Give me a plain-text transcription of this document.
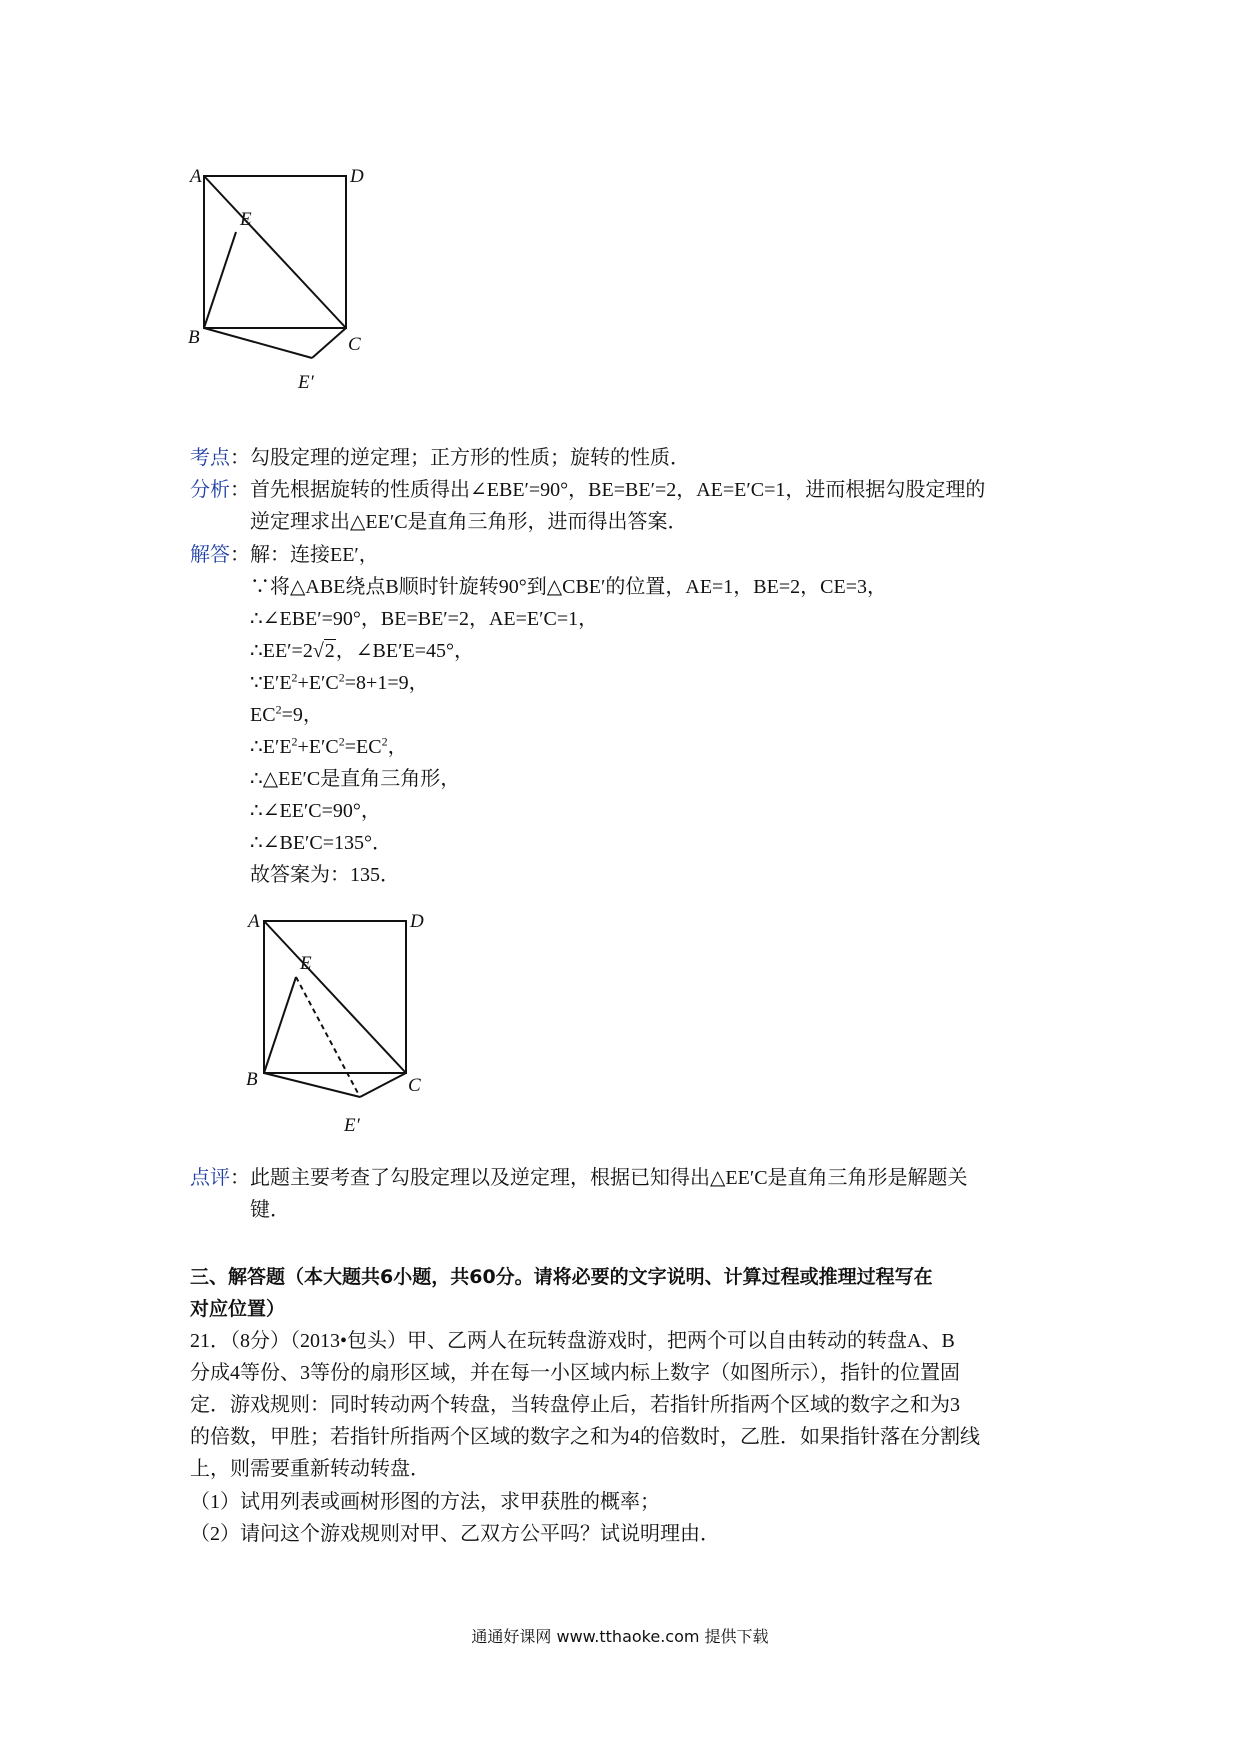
A	D
E
B	C
E′
考点：勾股定理的逆定理；正方形的性质；旋转的性质．
分析：首先根据旋转的性质得出∠EBE′=90°，BE=BE′=2，AE=E′C=1，进而根据勾股定理的
逆定理求出△EE′C是直角三角形，进而得出答案．
解答：解：连接EE′，
∵将△ABE绕点B顺时针旋转90°到△CBE′的位置，AE=1，BE=2，CE=3，
∴∠EBE′=90°，BE=BE′=2，AE=E′C=1，
∴EE′=2√2，∠BE′E=45°，
$\because E'E^2+E'C^2=8+1=9$，
$EC^2=9$，
$\therefore E'E^2+E'C^2=EC^2$，
∴△EE′C是直角三角形，
∴∠EE′C=90°，
∴∠BE′C=135°．
故答案为：135．
A	D
E
B	C
E′
点评：此题主要考查了勾股定理以及逆定理，根据已知得出△EE′C是直角三角形是解题关
键．
三、解答题（本大题共6小题，共60分。请将必要的文字说明、计算过程或推理过程写在
对应位置）
21．（8分）（2013•包头）甲、乙两人在玩转盘游戏时，把两个可以自由转动的转盘A、B
分成4等份、3等份的扇形区域，并在每一小区域内标上数字（如图所示），指针的位置固
定．游戏规则：同时转动两个转盘，当转盘停止后，若指针所指两个区域的数字之和为3
的倍数，甲胜；若指针所指两个区域的数字之和为4的倍数时，乙胜．如果指针落在分割线
上，则需要重新转动转盘．
（1）试用列表或画树形图的方法，求甲获胜的概率；
（2）请问这个游戏规则对甲、乙双方公平吗？试说明理由．
通通好课网 www.tthaoke.com 提供下载
